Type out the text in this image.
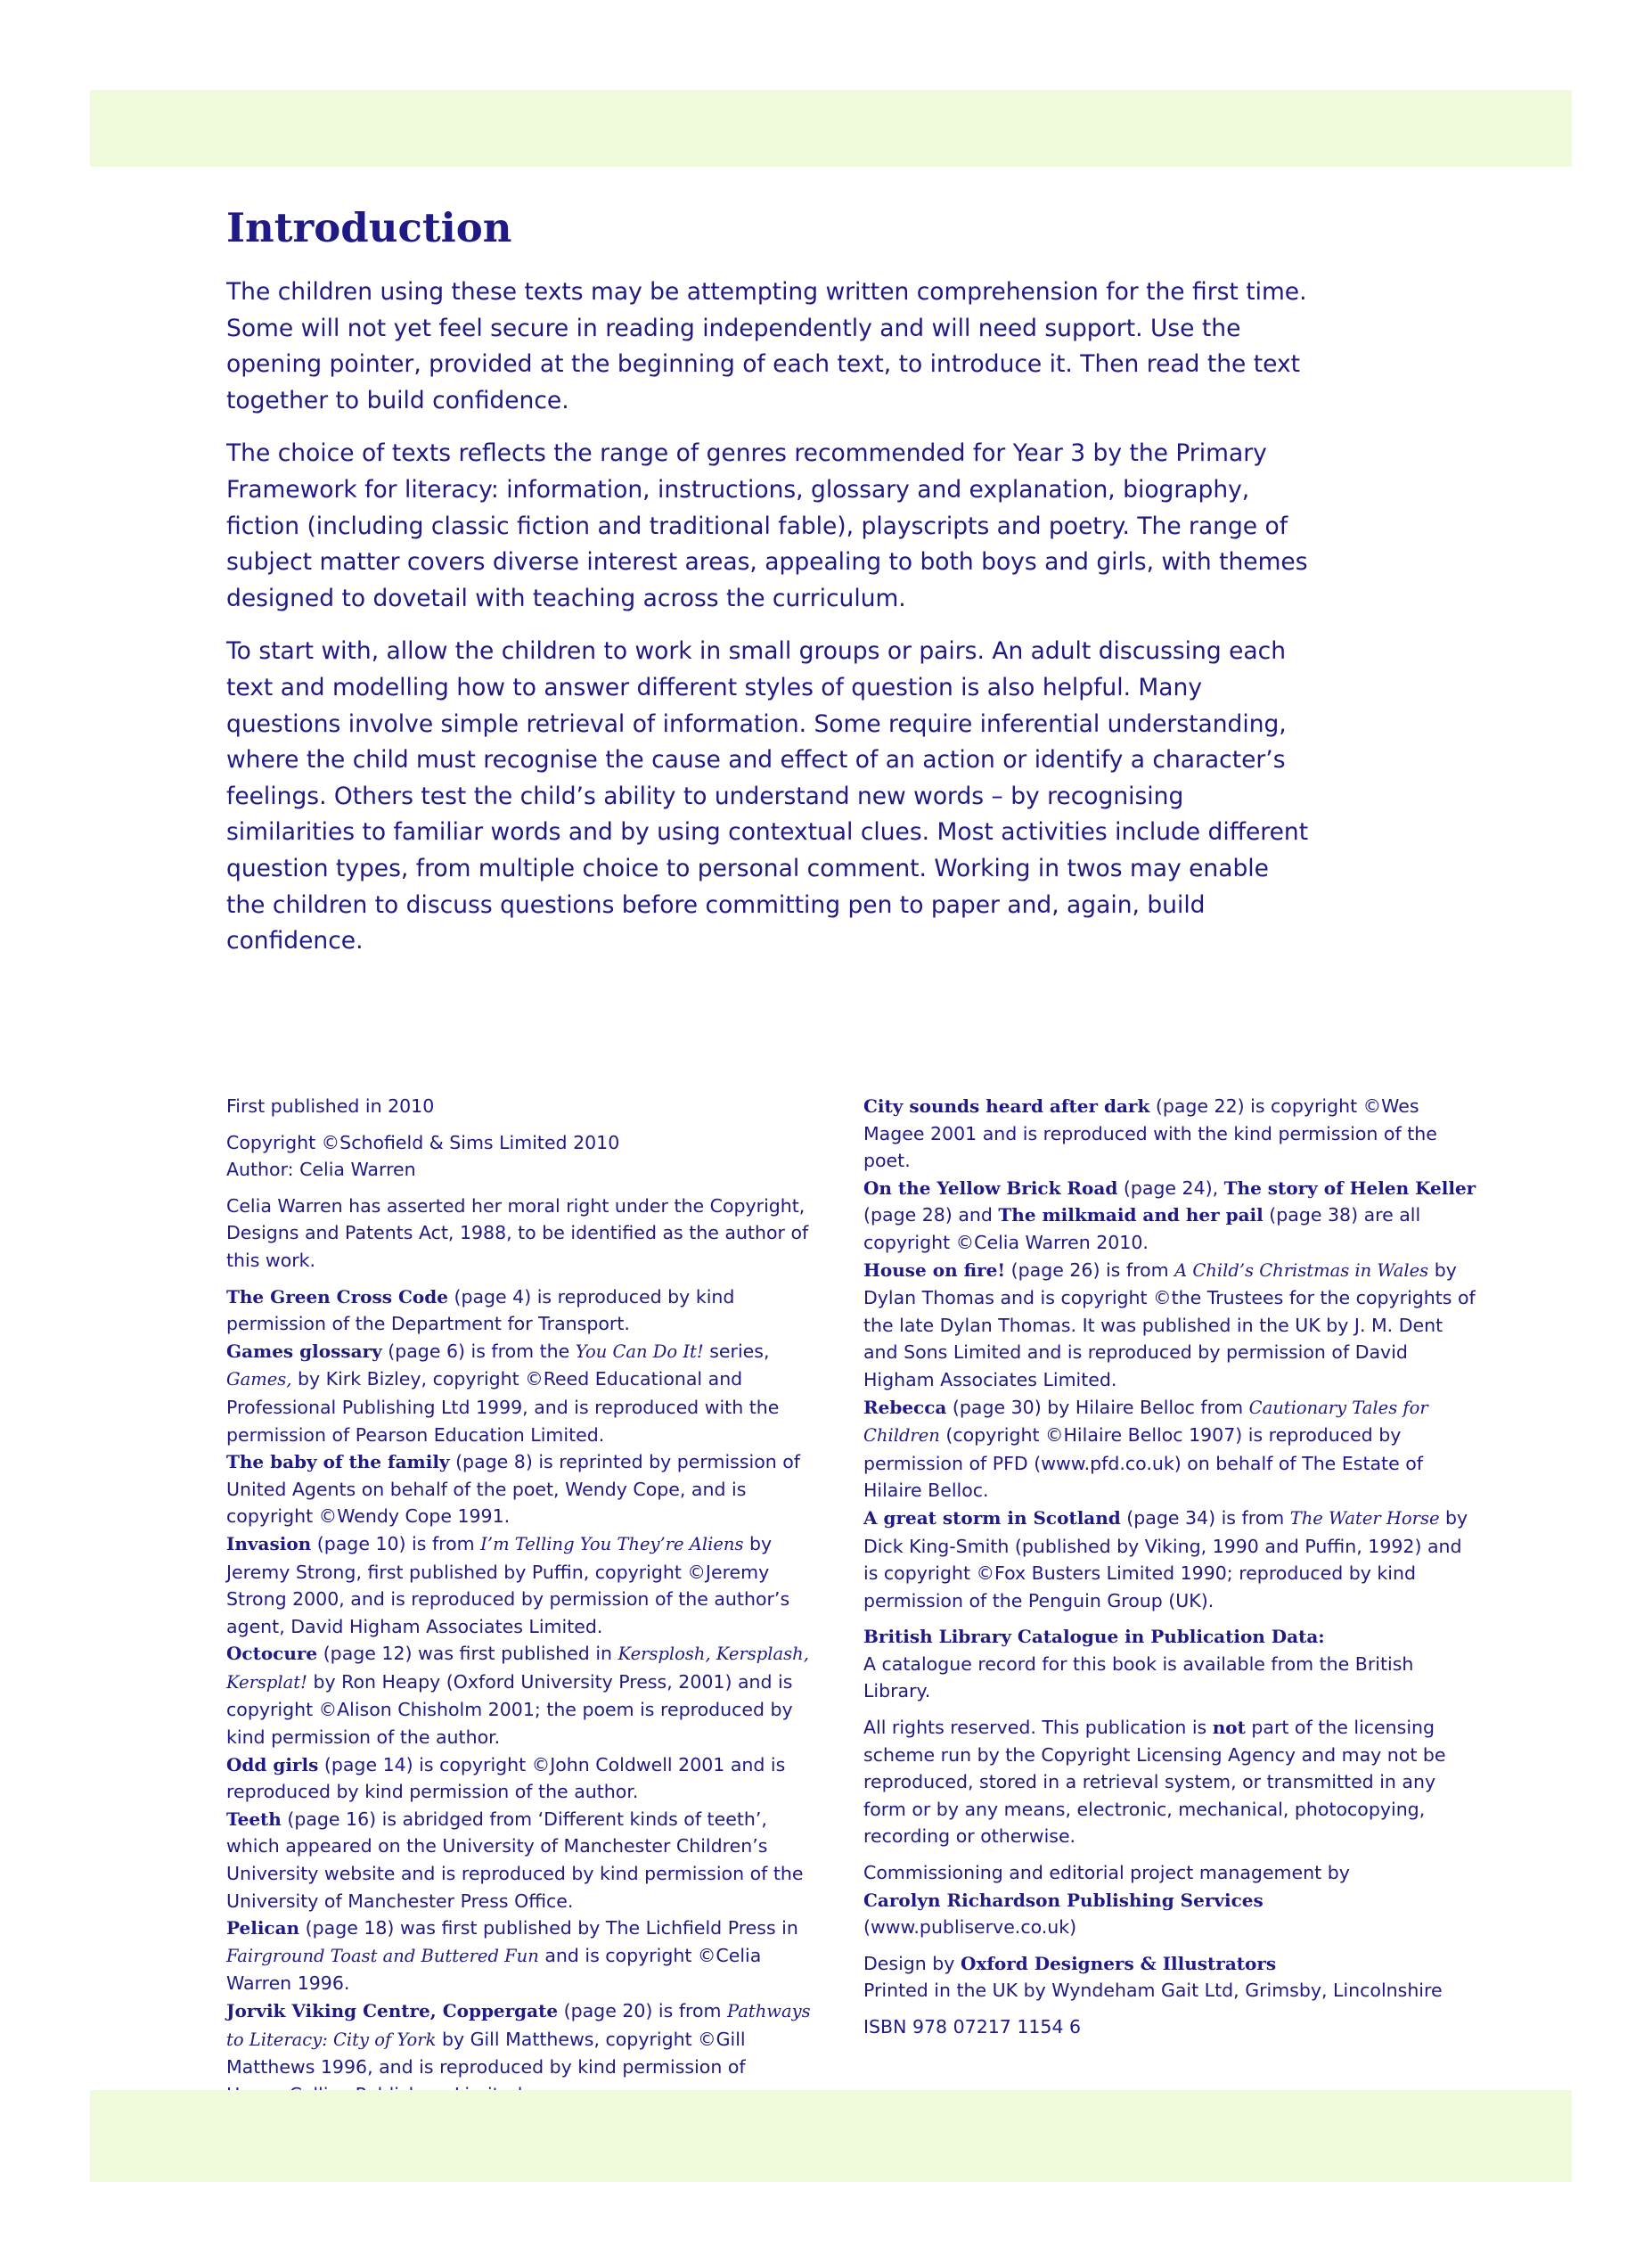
Introduction

The children using these texts may be attempting written comprehension for the first time. Some will not yet feel secure in reading independently and will need support. Use the opening pointer, provided at the beginning of each text, to introduce it. Then read the text together to build confidence.

The choice of texts reflects the range of genres recommended for Year 3 by the Primary Framework for literacy: information, instructions, glossary and explanation, biography, fiction (including classic fiction and traditional fable), playscripts and poetry. The range of subject matter covers diverse interest areas, appealing to both boys and girls, with themes designed to dovetail with teaching across the curriculum.

To start with, allow the children to work in small groups or pairs. An adult discussing each text and modelling how to answer different styles of question is also helpful. Many questions involve simple retrieval of information. Some require inferential understanding, where the child must recognise the cause and effect of an action or identify a character’s feelings. Others test the child’s ability to understand new words – by recognising similarities to familiar words and by using contextual clues. Most activities include different question types, from multiple choice to personal comment. Working in twos may enable the children to discuss questions before committing pen to paper and, again, build confidence.

First published in 2010

Copyright ©Schofield & Sims Limited 2010

Author: Celia Warren

Celia Warren has asserted her moral right under the Copyright, Designs and Patents Act, 1988, to be identified as the author of this work.

The Green Cross Code (page 4) is reproduced by kind permission of the Department for Transport.

Games glossary (page 6) is from the You Can Do It! series, Games, by Kirk Bizley, copyright ©Reed Educational and Professional Publishing Ltd 1999, and is reproduced with the permission of Pearson Education Limited.

The baby of the family (page 8) is reprinted by permission of United Agents on behalf of the poet, Wendy Cope, and is copyright ©Wendy Cope 1991.

Invasion (page 10) is from I’m Telling You They’re Aliens by Jeremy Strong, first published by Puffin, copyright ©Jeremy Strong 2000, and is reproduced by permission of the author’s agent, David Higham Associates Limited.

Octocure (page 12) was first published in Kersplosh, Kersplash, Kersplat! by Ron Heapy (Oxford University Press, 2001) and is copyright ©Alison Chisholm 2001; the poem is reproduced by kind permission of the author.

Odd girls (page 14) is copyright ©John Coldwell 2001 and is reproduced by kind permission of the author.

Teeth (page 16) is abridged from ‘Different kinds of teeth’, which appeared on the University of Manchester Children’s University website and is reproduced by kind permission of the University of Manchester Press Office.

Pelican (page 18) was first published by The Lichfield Press in Fairground Toast and Buttered Fun and is copyright ©Celia Warren 1996.

Jorvik Viking Centre, Coppergate (page 20) is from Pathways to Literacy: City of York by Gill Matthews, copyright ©Gill Matthews 1996, and is reproduced by kind permission of

City sounds heard after dark (page 22) is copyright ©Wes Magee 2001 and is reproduced with the kind permission of the poet.

On the Yellow Brick Road (page 24), The story of Helen Keller (page 28) and The milkmaid and her pail (page 38) are all copyright ©Celia Warren 2010.

House on fire! (page 26) is from A Child’s Christmas in Wales by Dylan Thomas and is copyright ©the Trustees for the copyrights of the late Dylan Thomas. It was published in the UK by J. M. Dent and Sons Limited and is reproduced by permission of David Higham Associates Limited.

Rebecca (page 30) by Hilaire Belloc from Cautionary Tales for Children (copyright ©Hilaire Belloc 1907) is reproduced by permission of PFD (www.pfd.co.uk) on behalf of The Estate of Hilaire Belloc.

A great storm in Scotland (page 34) is from The Water Horse by Dick King-Smith (published by Viking, 1990 and Puffin, 1992) and is copyright ©Fox Busters Limited 1990; reproduced by kind permission of the Penguin Group (UK).

British Library Catalogue in Publication Data:

A catalogue record for this book is available from the British Library.

All rights reserved. This publication is not part of the licensing scheme run by the Copyright Licensing Agency and may not be reproduced, stored in a retrieval system, or transmitted in any form or by any means, electronic, mechanical, photocopying, recording or otherwise.

Commissioning and editorial project management by

Carolyn Richardson Publishing Services

(www.publiserve.co.uk)

Design by Oxford Designers & Illustrators

Printed in the UK by Wyndeham Gait Ltd, Grimsby, Lincolnshire

ISBN 978 07217 1154 6
